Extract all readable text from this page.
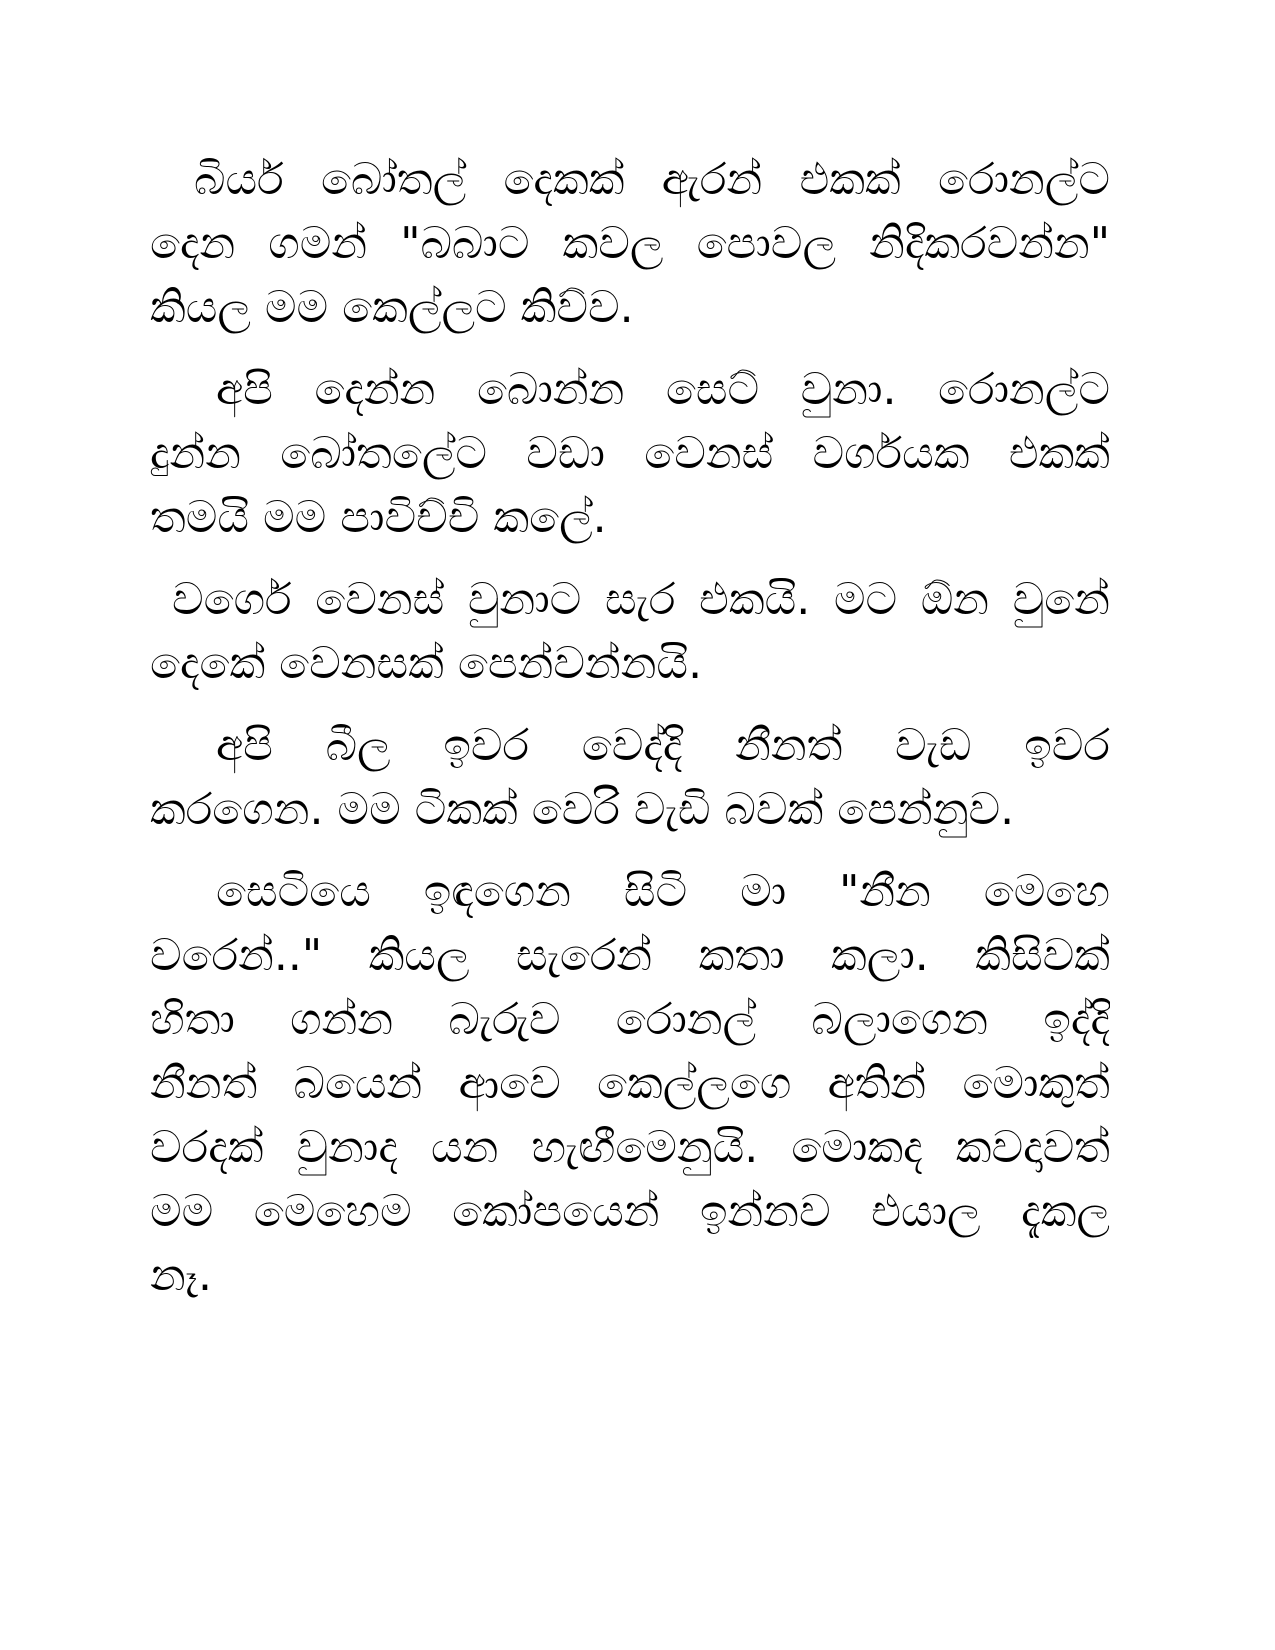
බියර් බෝතල් දෙකක් ඇරන් එකක් රොනල්ට
දෙන ගමන් "බබාට කවල පොවල නිදිකරවන්න"
කියල මම කෙල්ලට කිව්ව.

අපි දෙන්න බොන්න සෙට් වුනා. රොනල්ට
දුන්න බෝතලේට වඩා වෙනස් වර්ගයක එකක්
තමයි මම පාවිච්චි කලේ.

වර්ගෙ වෙනස් වුනාට සැර එකයි. මට ඕන වුනේ
දෙකේ වෙනසක් පෙන්වන්නයි.

අපි බීල ඉවර වෙද්දි නීනත් වැඩ ඉවර
කරගෙන. මම ටිකක් වෙරි වැඩි බවක් පෙන්නුව.

සෙටියෙ ඉඳගෙන සිටි මා "නීන මෙහෙ
වරෙන්.." කියල සැරෙන් කතා කලා. කිසිවක්
හිතා ගන්න බැරුව රොනල් බලාගෙන ඉද්දි
නීනත් බයෙන් ආවෙ කෙල්ලගෙ අතින් මොකුත්
වරදක් වුනාද යන හැඟීමෙනුයි. මොකද කවදාවත්
මම මෙහෙම කෝපයෙන් ඉන්නව එයාල දැකල
නෑ.
